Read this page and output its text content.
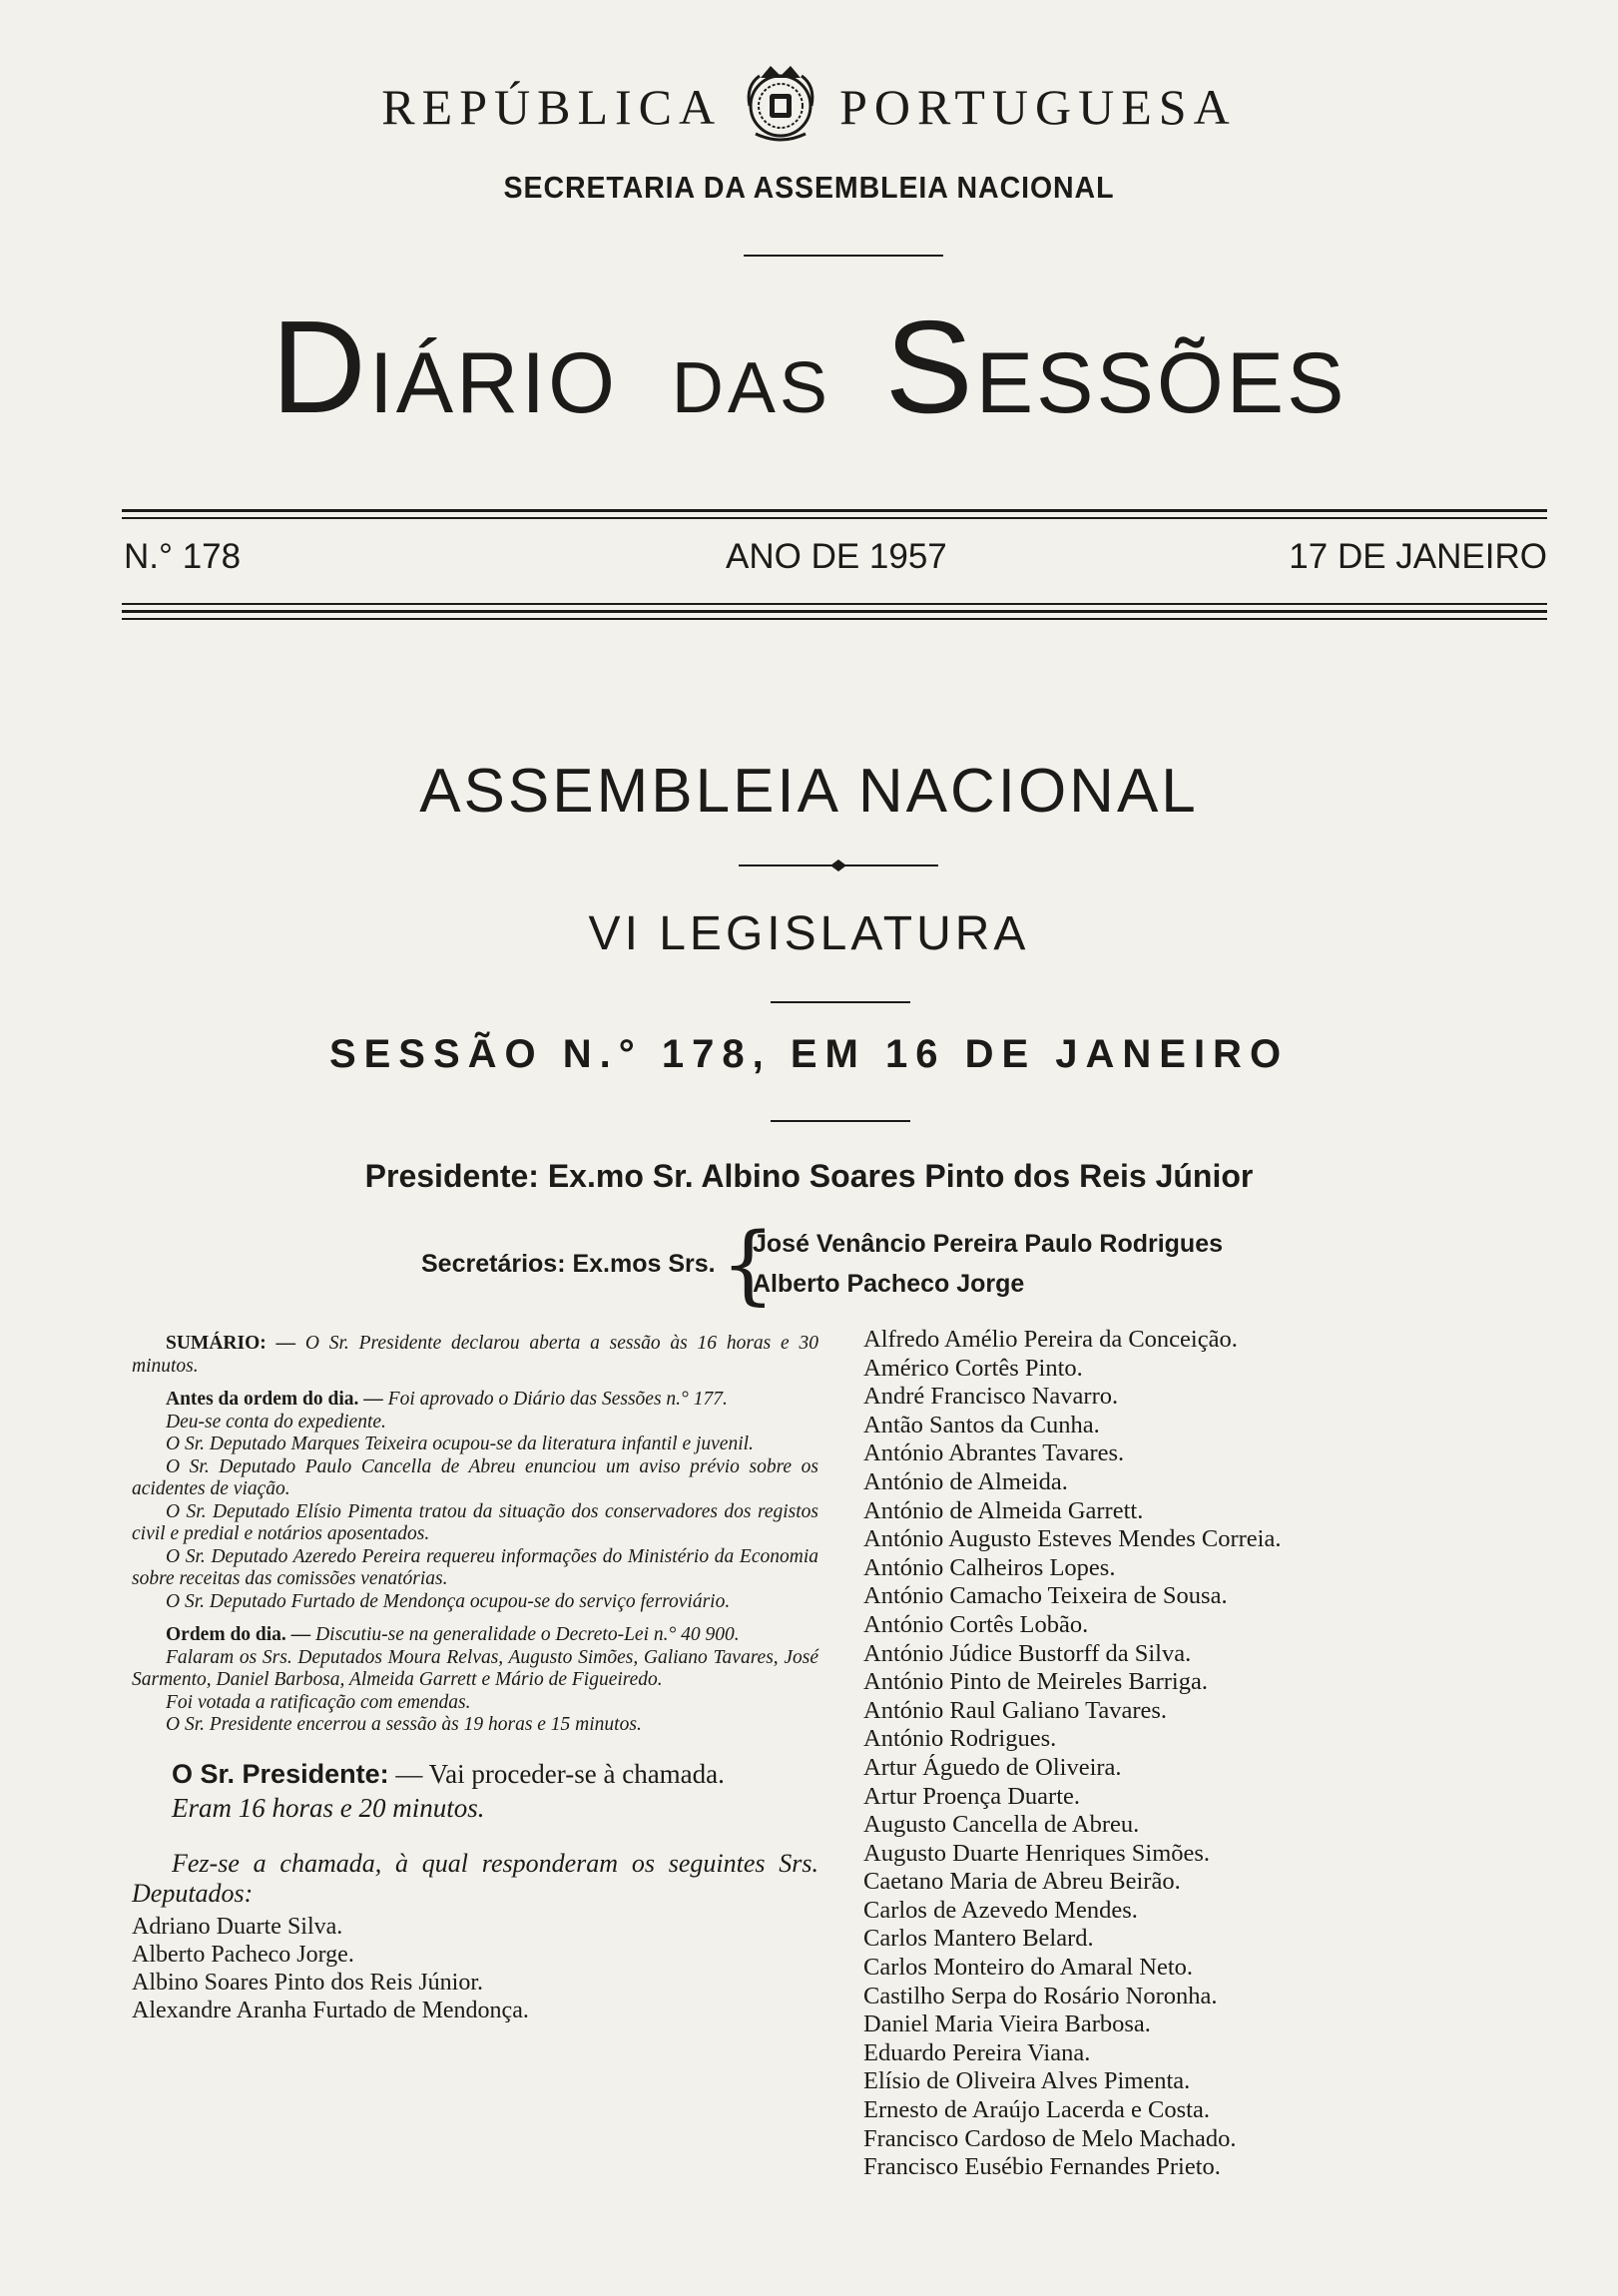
REPÚBLICA PORTUGUESA
SECRETARIA DA ASSEMBLEIA NACIONAL
DIÁRIO DAS SESSÕES
N.° 178	ANO DE 1957	17 DE JANEIRO
ASSEMBLEIA NACIONAL
VI LEGISLATURA
SESSÃO N.° 178, EM 16 DE JANEIRO
Presidente: Ex.mo Sr. Albino Soares Pinto dos Reis Júnior
Secretários: Ex.mos Srs. {
José Venâncio Pereira Paulo Rodrigues
Alberto Pacheco Jorge

SUMÁRIO: — O Sr. Presidente declarou aberta a sessão às 16 horas e 30 minutos.

Antes da ordem do dia. — Foi aprovado o Diário das Sessões n.° 177.

Deu-se conta do expediente.

O Sr. Deputado Marques Teixeira ocupou-se da literatura infantil e juvenil.

O Sr. Deputado Paulo Cancella de Abreu enunciou um aviso prévio sobre os acidentes de viação.

O Sr. Deputado Elísio Pimenta tratou da situação dos conservadores dos registos civil e predial e notários aposentados.

O Sr. Deputado Azeredo Pereira requereu informações do Ministério da Economia sobre receitas das comissões venatórias.

O Sr. Deputado Furtado de Mendonça ocupou-se do serviço ferroviário.

Ordem do dia. — Discutiu-se na generalidade o Decreto-Lei n.° 40 900.

Falaram os Srs. Deputados Moura Relvas, Augusto Simões, Galiano Tavares, José Sarmento, Daniel Barbosa, Almeida Garrett e Mário de Figueiredo.

Foi votada a ratificação com emendas.

O Sr. Presidente encerrou a sessão às 19 horas e 15 minutos.

O Sr. Presidente: — Vai proceder-se à chamada.

Eram 16 horas e 20 minutos.

Fez-se a chamada, à qual responderam os seguintes Srs. Deputados:

Adriano Duarte Silva.

Alberto Pacheco Jorge.

Albino Soares Pinto dos Reis Júnior.

Alexandre Aranha Furtado de Mendonça.

Alfredo Amélio Pereira da Conceição.

Américo Cortês Pinto.

André Francisco Navarro.

Antão Santos da Cunha.

António Abrantes Tavares.

António de Almeida.

António de Almeida Garrett.

António Augusto Esteves Mendes Correia.

António Calheiros Lopes.

António Camacho Teixeira de Sousa.

António Cortês Lobão.

António Júdice Bustorff da Silva.

António Pinto de Meireles Barriga.

António Raul Galiano Tavares.

António Rodrigues.

Artur Águedo de Oliveira.

Artur Proença Duarte.

Augusto Cancella de Abreu.

Augusto Duarte Henriques Simões.

Caetano Maria de Abreu Beirão.

Carlos de Azevedo Mendes.

Carlos Mantero Belard.

Carlos Monteiro do Amaral Neto.

Castilho Serpa do Rosário Noronha.

Daniel Maria Vieira Barbosa.

Eduardo Pereira Viana.

Elísio de Oliveira Alves Pimenta.

Ernesto de Araújo Lacerda e Costa.

Francisco Cardoso de Melo Machado.

Francisco Eusébio Fernandes Prieto.
